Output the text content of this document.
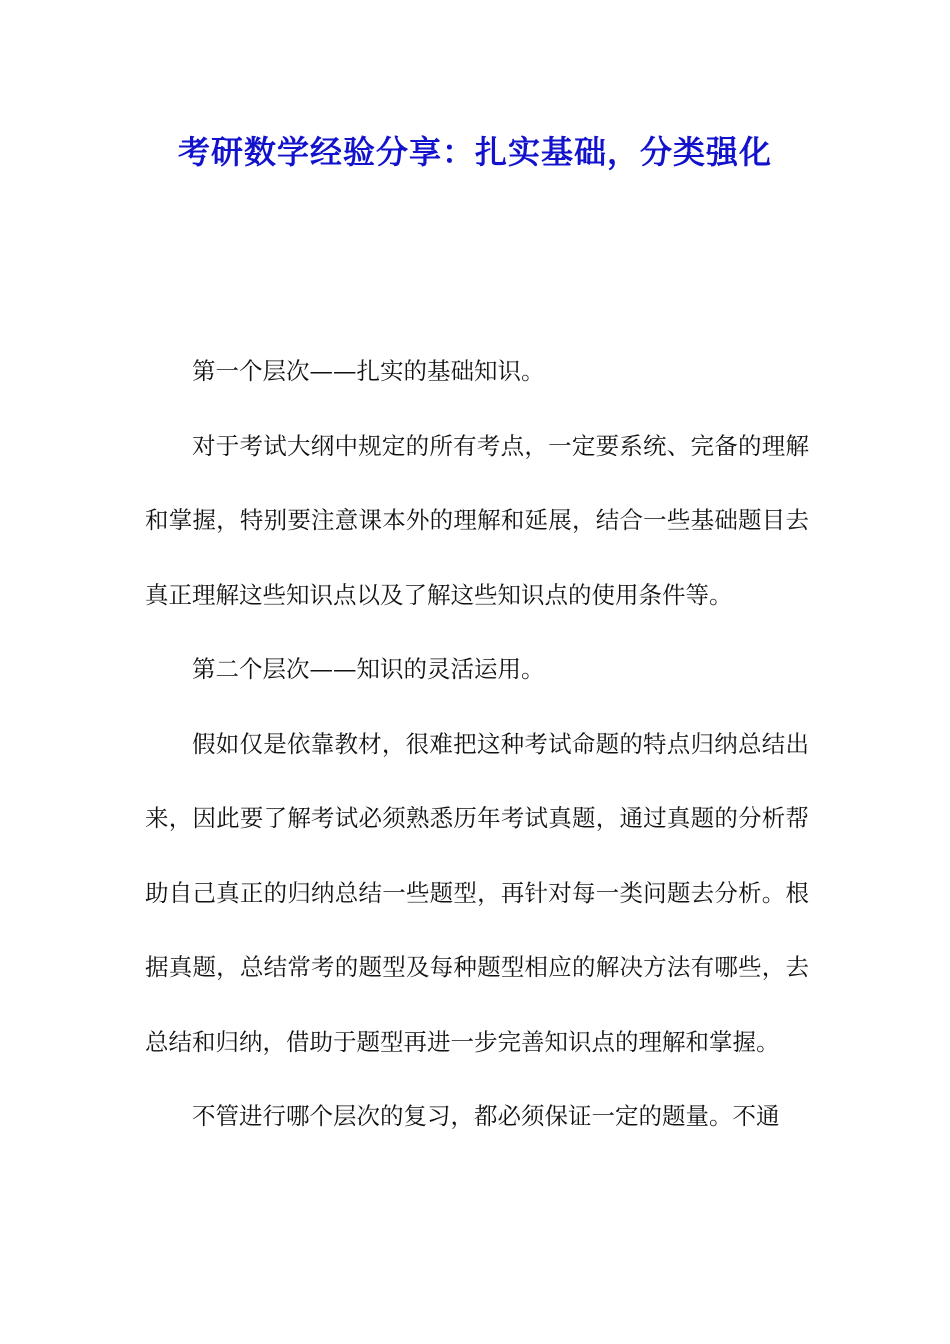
考研数学经验分享：扎实基础，分类强化

第一个层次——扎实的基础知识。

对于考试大纲中规定的所有考点，一定要系统、完备的理解和掌握，特别要注意课本外的理解和延展，结合一些基础题目去真正理解这些知识点以及了解这些知识点的使用条件等。

第二个层次——知识的灵活运用。

假如仅是依靠教材，很难把这种考试命题的特点归纳总结出来，因此要了解考试必须熟悉历年考试真题，通过真题的分析帮助自己真正的归纳总结一些题型，再针对每一类问题去分析。根据真题，总结常考的题型及每种题型相应的解决方法有哪些，去总结和归纳，借助于题型再进一步完善知识点的理解和掌握。

不管进行哪个层次的复习，都必须保证一定的题量。不通
